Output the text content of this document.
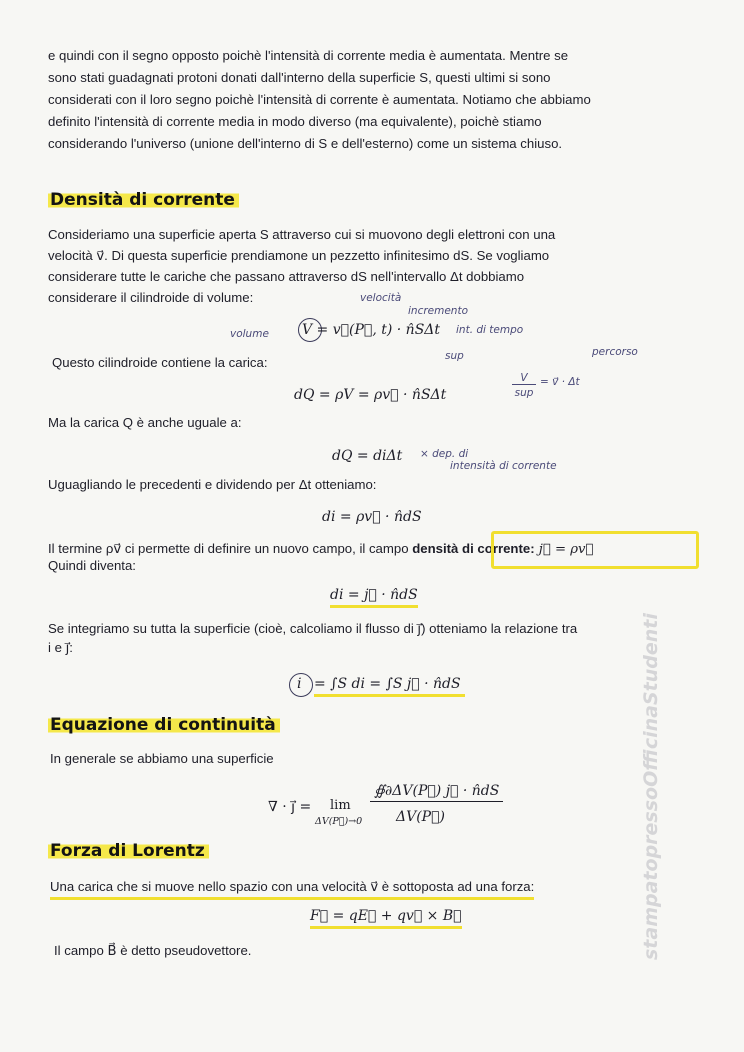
e quindi con il segno opposto poichè l'intensità di corrente media è aumentata. Mentre se

sono stati guadagnati protoni donati dall'interno della superficie S, questi ultimi si sono

considerati con il loro segno poichè l'intensità di corrente è aumentata. Notiamo che abbiamo

definito l'intensità di corrente media in modo diverso (ma equivalente), poichè stiamo

considerando l'universo (unione dell'interno di S e dell'esterno) come un sistema chiuso.

Densità di corrente

Consideriamo una superficie aperta S attraverso cui si muovono degli elettroni con una

velocità v⃗. Di questa superficie prendiamone un pezzetto infinitesimo dS. Se vogliamo

considerare tutte le cariche che passano attraverso dS nell'intervallo Δt dobbiamo

considerare il cilindroide di volume:

volume
velocità
incremento

V = v⃗(P⃗, t) · n̂SΔt int. di tempo
sup

Questo cilindroide contiene la carica:

dQ = ρV = ρv⃗ · n̂SΔt

V
sup
= v⃗ · Δt
percorso

Ma la carica Q è anche uguale a:

dQ = diΔt × dep. di
intensità di corrente

Uguagliando le precedenti e dividendo per Δt otteniamo:

di = ρv⃗ · n̂dS

Il termine ρv⃗ ci permette di definire un nuovo campo, il campo densità di corrente: j⃗ = ρv⃗

Quindi diventa:

di = j⃗ · n̂dS

Se integriamo su tutta la superficie (cioè, calcoliamo il flusso di j⃗) otteniamo la relazione tra

i e j⃗:

i = ∫S di = ∫S j⃗ · n̂dS

Equazione di continuità

In generale se abbiamo una superficie

∇ · j⃗ = lim

ΔV(P⃗)→0

∯∂ΔV(P⃗) j⃗ · n̂dS

ΔV(P⃗)

Forza di Lorentz

Una carica che si muove nello spazio con una velocità v⃗ è sottoposta ad una forza:

F⃗ = qE⃗ + qv⃗ × B⃗

Il campo B⃗ è detto pseudovettore.	stampatopressoOfficinaStudenti
